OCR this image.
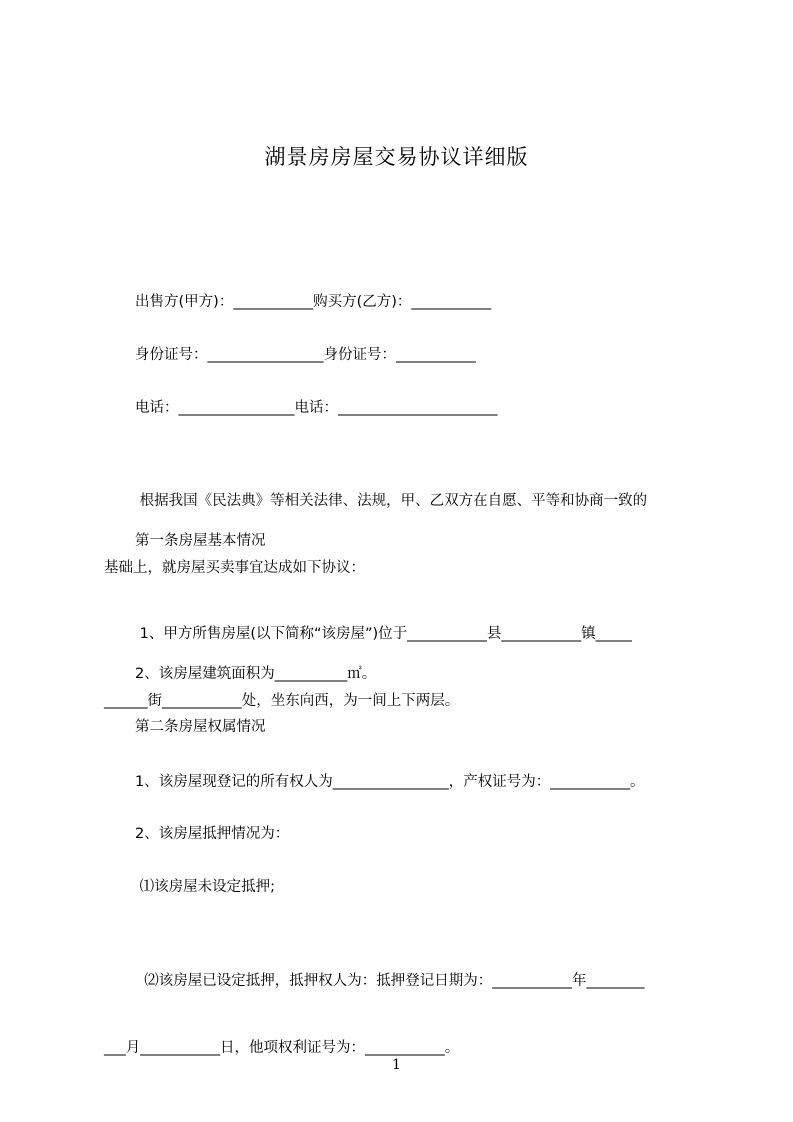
湖景房房屋交易协议详细版
出售方(甲方)：___________购买方(乙方)：___________
身份证号：________________身份证号：___________
电话：________________电话：______________________

根据我国《民法典》等相关法律、法规，甲、乙双方在自愿、平等和协商一致的

基础上，就房屋买卖事宜达成如下协议：

第一条房屋基本情况

1、甲方所售房屋(以下简称“该房屋”)位于___________县___________镇_____

______街___________处，坐东向西，为一间上下两层。

2、该房屋建筑面积为__________㎡。
第二条房屋权属情况
1、该房屋现登记的所有权人为________________，产权证号为：___________。
2、该房屋抵押情况为：
⑴该房屋未设定抵押;

⑵该房屋已设定抵押，抵押权人为：抵押登记日期为：___________年________

___月___________日，他项权利证号为：___________。

1
